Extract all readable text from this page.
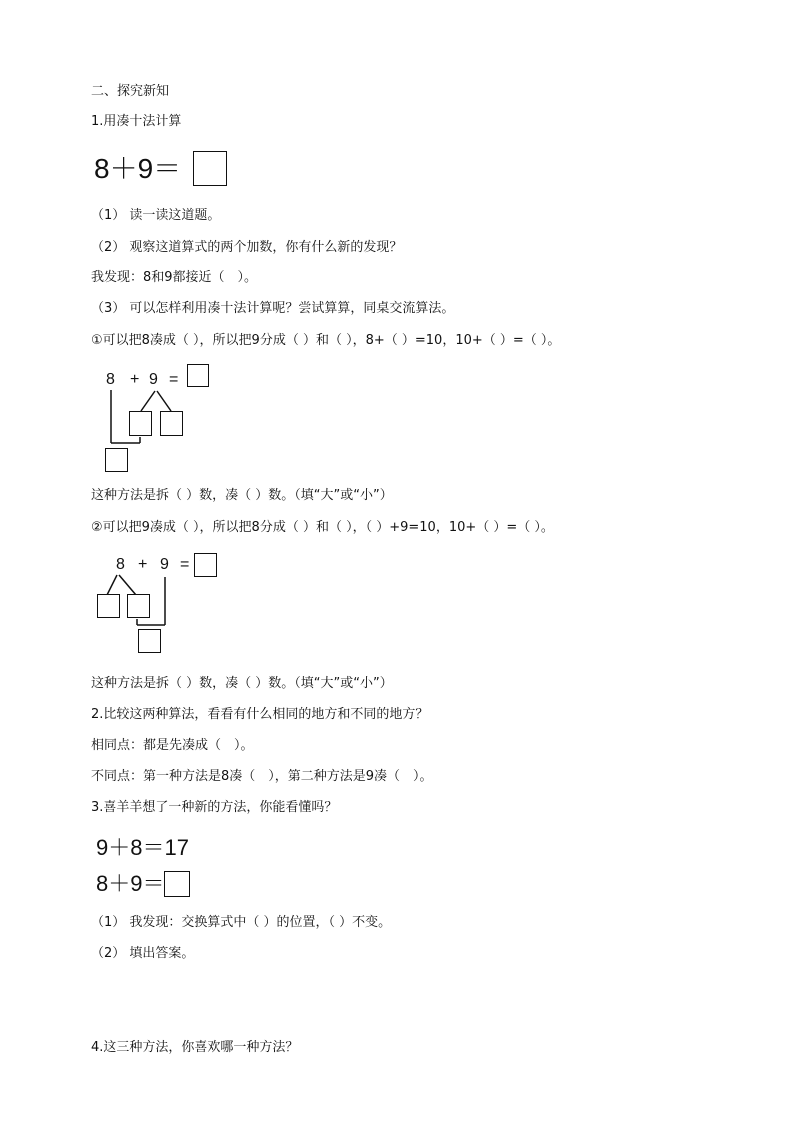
二、探究新知
1.用凑十法计算
8＋9＝
（1） 读一读这道题。
（2） 观察这道算式的两个加数，你有什么新的发现？
我发现：8和9都接近（　）。
（3） 可以怎样利用凑十法计算呢？尝试算算，同桌交流算法。
①可以把8凑成（ ），所以把9分成（ ）和（ ），8+（ ）=10，10+（ ）=（ ）。
8 + 9 =
这种方法是拆（ ）数，凑（ ）数。（填“大”或“小”）
②可以把9凑成（ ），所以把8分成（ ）和（ ），（ ）+9=10，10+（ ）=（ ）。
8 + 9 =
这种方法是拆（ ）数，凑（ ）数。（填“大”或“小”）
2.比较这两种算法，看看有什么相同的地方和不同的地方？
相同点：都是先凑成（　）。
不同点：第一种方法是8凑（　），第二种方法是9凑（　）。
3.喜羊羊想了一种新的方法，你能看懂吗？
9＋8＝17
8＋9＝
（1） 我发现：交换算式中（ ）的位置，（ ）不变。
（2） 填出答案。
4.这三种方法，你喜欢哪一种方法？
